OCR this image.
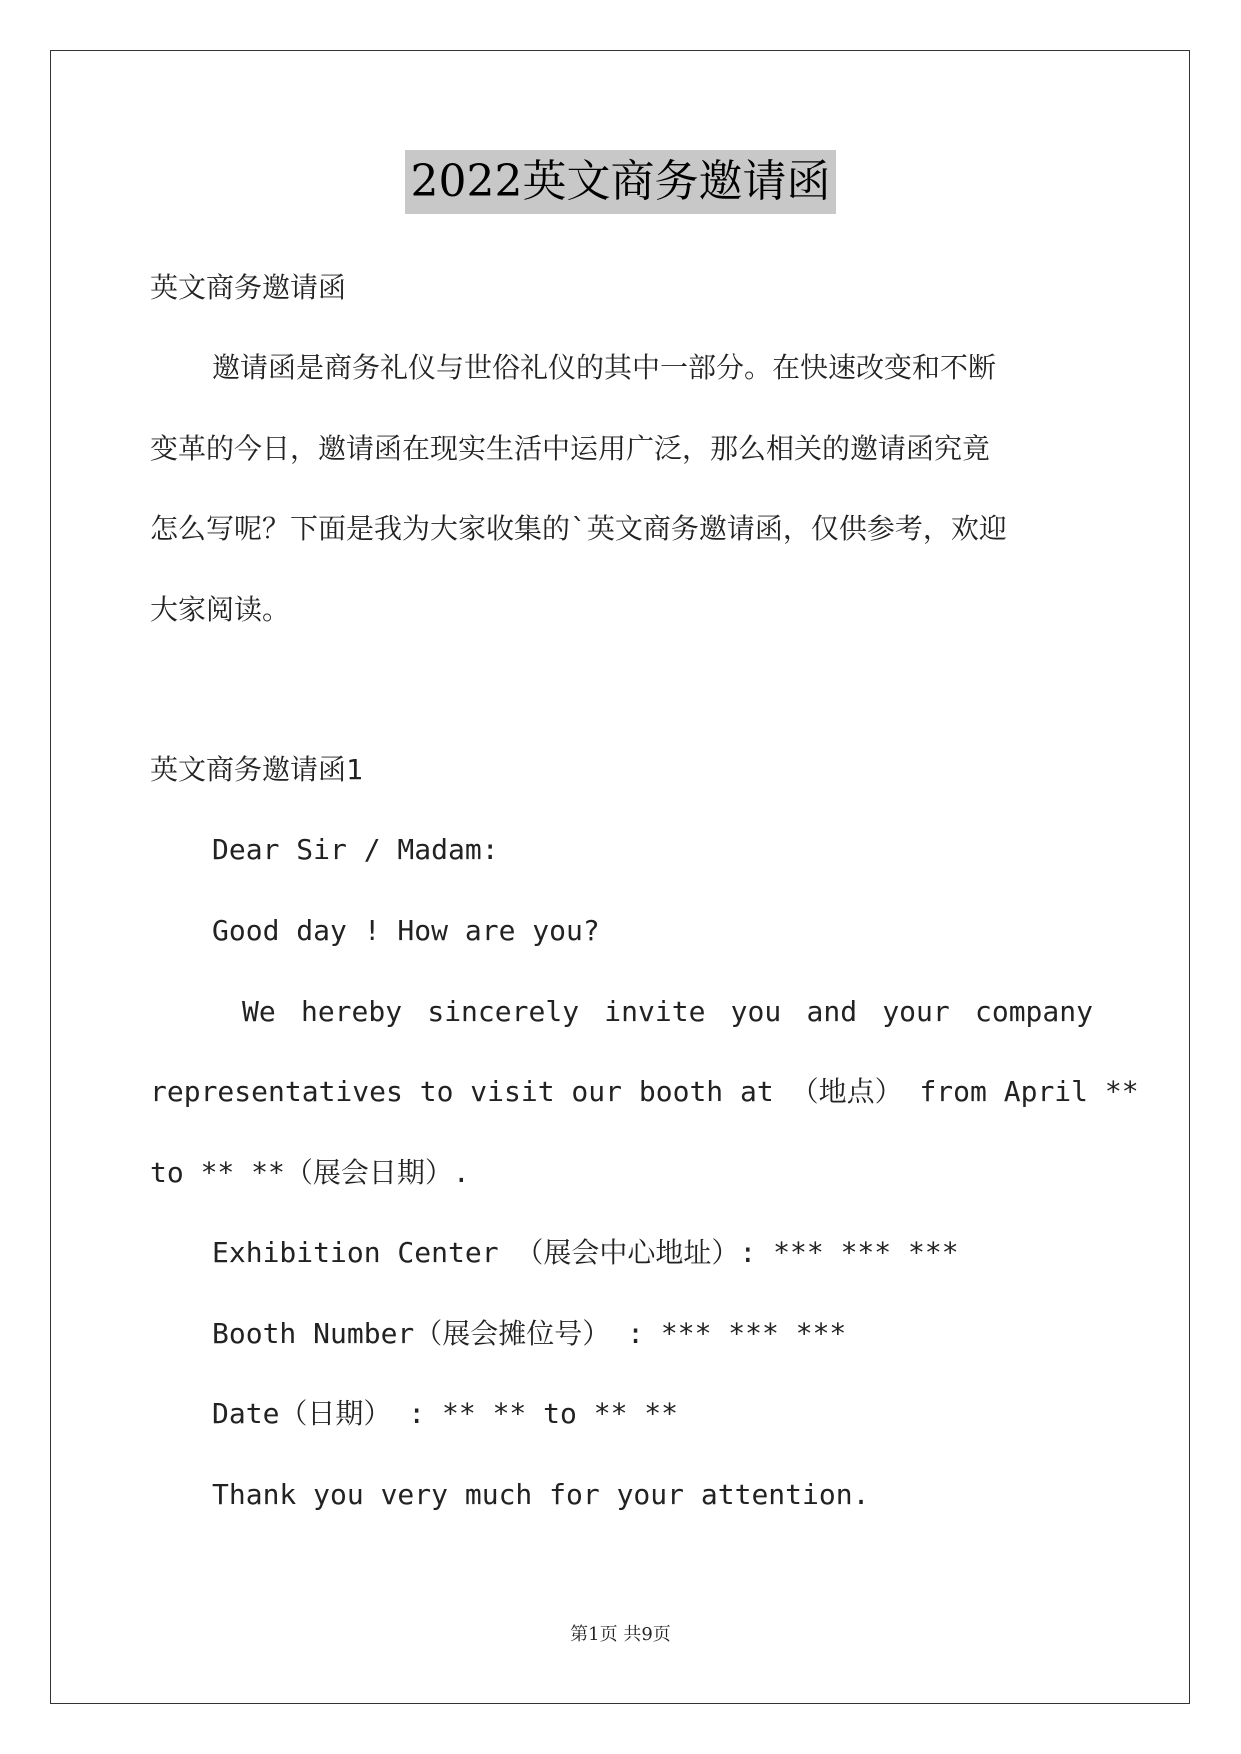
2022英文商务邀请函

英文商务邀请函

邀请函是商务礼仪与世俗礼仪的其中一部分。在快速改变和不断

变革的今日，邀请函在现实生活中运用广泛，那么相关的邀请函究竟

怎么写呢？下面是我为大家收集的`英文商务邀请函，仅供参考，欢迎

大家阅读。

英文商务邀请函1

Dear Sir / Madam:

Good day ! How are you?

We hereby sincerely invite you and your company

representatives to visit our booth at （地点） from April **

to ** **（展会日期）.

Exhibition Center （展会中心地址）: *** *** ***

Booth Number（展会摊位号） : *** *** ***

Date（日期） : ** ** to ** **

Thank you very much for your attention.

第1页 共9页
